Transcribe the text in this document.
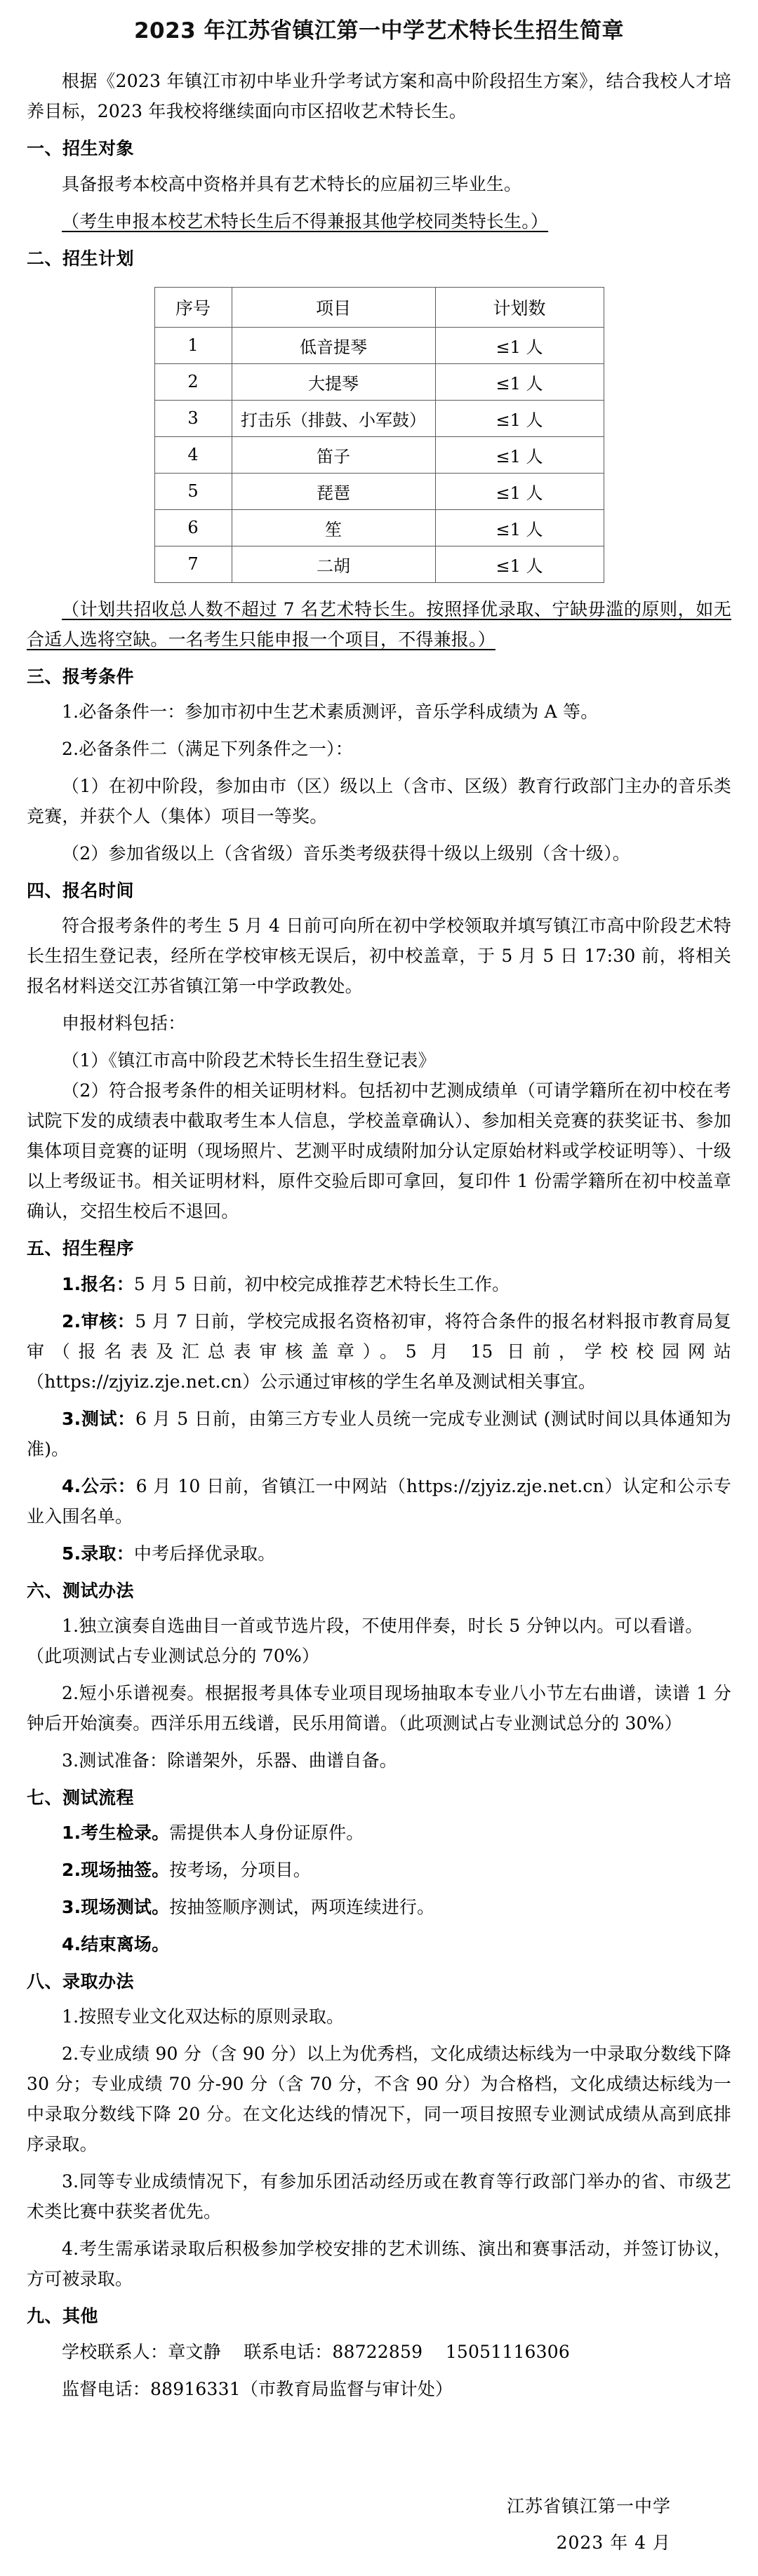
2023 年江苏省镇江第一中学艺术特长生招生简章

根据《2023 年镇江市初中毕业升学考试方案和高中阶段招生方案》，结合我校人才培养目标，2023 年我校将继续面向市区招收艺术特长生。

一、招生对象

具备报考本校高中资格并具有艺术特长的应届初三毕业生。

（考生申报本校艺术特长生后不得兼报其他学校同类特长生。）

二、招生计划
序号	项目	计划数
1	低音提琴	≤1 人
2	大提琴	≤1 人
3	打击乐（排鼓、小军鼓）	≤1 人
4	笛子	≤1 人
5	琵琶	≤1 人
6	笙	≤1 人
7	二胡	≤1 人

（计划共招收总人数不超过 7 名艺术特长生。按照择优录取、宁缺毋滥的原则，如无合适人选将空缺。一名考生只能申报一个项目，不得兼报。）

三、报考条件

1.必备条件一：参加市初中生艺术素质测评，音乐学科成绩为 A 等。

2.必备条件二（满足下列条件之一）：

（1）在初中阶段，参加由市（区）级以上（含市、区级）教育行政部门主办的音乐类竞赛，并获个人（集体）项目一等奖。

（2）参加省级以上（含省级）音乐类考级获得十级以上级别（含十级）。

四、报名时间

符合报考条件的考生 5 月 4 日前可向所在初中学校领取并填写镇江市高中阶段艺术特长生招生登记表，经所在学校审核无误后，初中校盖章，于 5 月 5 日 17:30 前，将相关报名材料送交江苏省镇江第一中学政教处。

申报材料包括：

（1）《镇江市高中阶段艺术特长生招生登记表》

（2）符合报考条件的相关证明材料。包括初中艺测成绩单（可请学籍所在初中校在考试院下发的成绩表中截取考生本人信息，学校盖章确认）、参加相关竞赛的获奖证书、参加集体项目竞赛的证明（现场照片、艺测平时成绩附加分认定原始材料或学校证明等）、十级以上考级证书。相关证明材料，原件交验后即可拿回，复印件 1 份需学籍所在初中校盖章确认，交招生校后不退回。

五、招生程序

1.报名：5 月 5 日前，初中校完成推荐艺术特长生工作。

2.审核：5 月 7 日前，学校完成报名资格初审，将符合条件的报名材料报市教育局复审（报名表及汇总表审核盖章）。5 月 15 日前，学校校园网站（https://zjyiz.zje.net.cn）公示通过审核的学生名单及测试相关事宜。

3.测试：6 月 5 日前，由第三方专业人员统一完成专业测试 (测试时间以具体通知为准)。

4.公示：6 月 10 日前，省镇江一中网站（https://zjyiz.zje.net.cn）认定和公示专业入围名单。

5.录取：中考后择优录取。

六、测试办法

1.独立演奏自选曲目一首或节选片段，不使用伴奏，时长 5 分钟以内。可以看谱。

（此项测试占专业测试总分的 70%）

2.短小乐谱视奏。根据报考具体专业项目现场抽取本专业八小节左右曲谱，读谱 1 分钟后开始演奏。西洋乐用五线谱，民乐用简谱。（此项测试占专业测试总分的 30%）

3.测试准备：除谱架外，乐器、曲谱自备。

七、测试流程

1.考生检录。需提供本人身份证原件。

2.现场抽签。按考场，分项目。

3.现场测试。按抽签顺序测试，两项连续进行。

4.结束离场。

八、录取办法

1.按照专业文化双达标的原则录取。

2.专业成绩 90 分（含 90 分）以上为优秀档，文化成绩达标线为一中录取分数线下降 30 分；专业成绩 70 分-90 分（含 70 分，不含 90 分）为合格档，文化成绩达标线为一中录取分数线下降 20 分。在文化达线的情况下，同一项目按照专业测试成绩从高到底排序录取。

3.同等专业成绩情况下，有参加乐团活动经历或在教育等行政部门举办的省、市级艺术类比赛中获奖者优先。

4.考生需承诺录取后积极参加学校安排的艺术训练、演出和赛事活动，并签订协议，方可被录取。

九、其他

学校联系人：章文静    联系电话：88722859    15051116306

监督电话：88916331（市教育局监督与审计处）

江苏省镇江第一中学
2023 年 4 月
